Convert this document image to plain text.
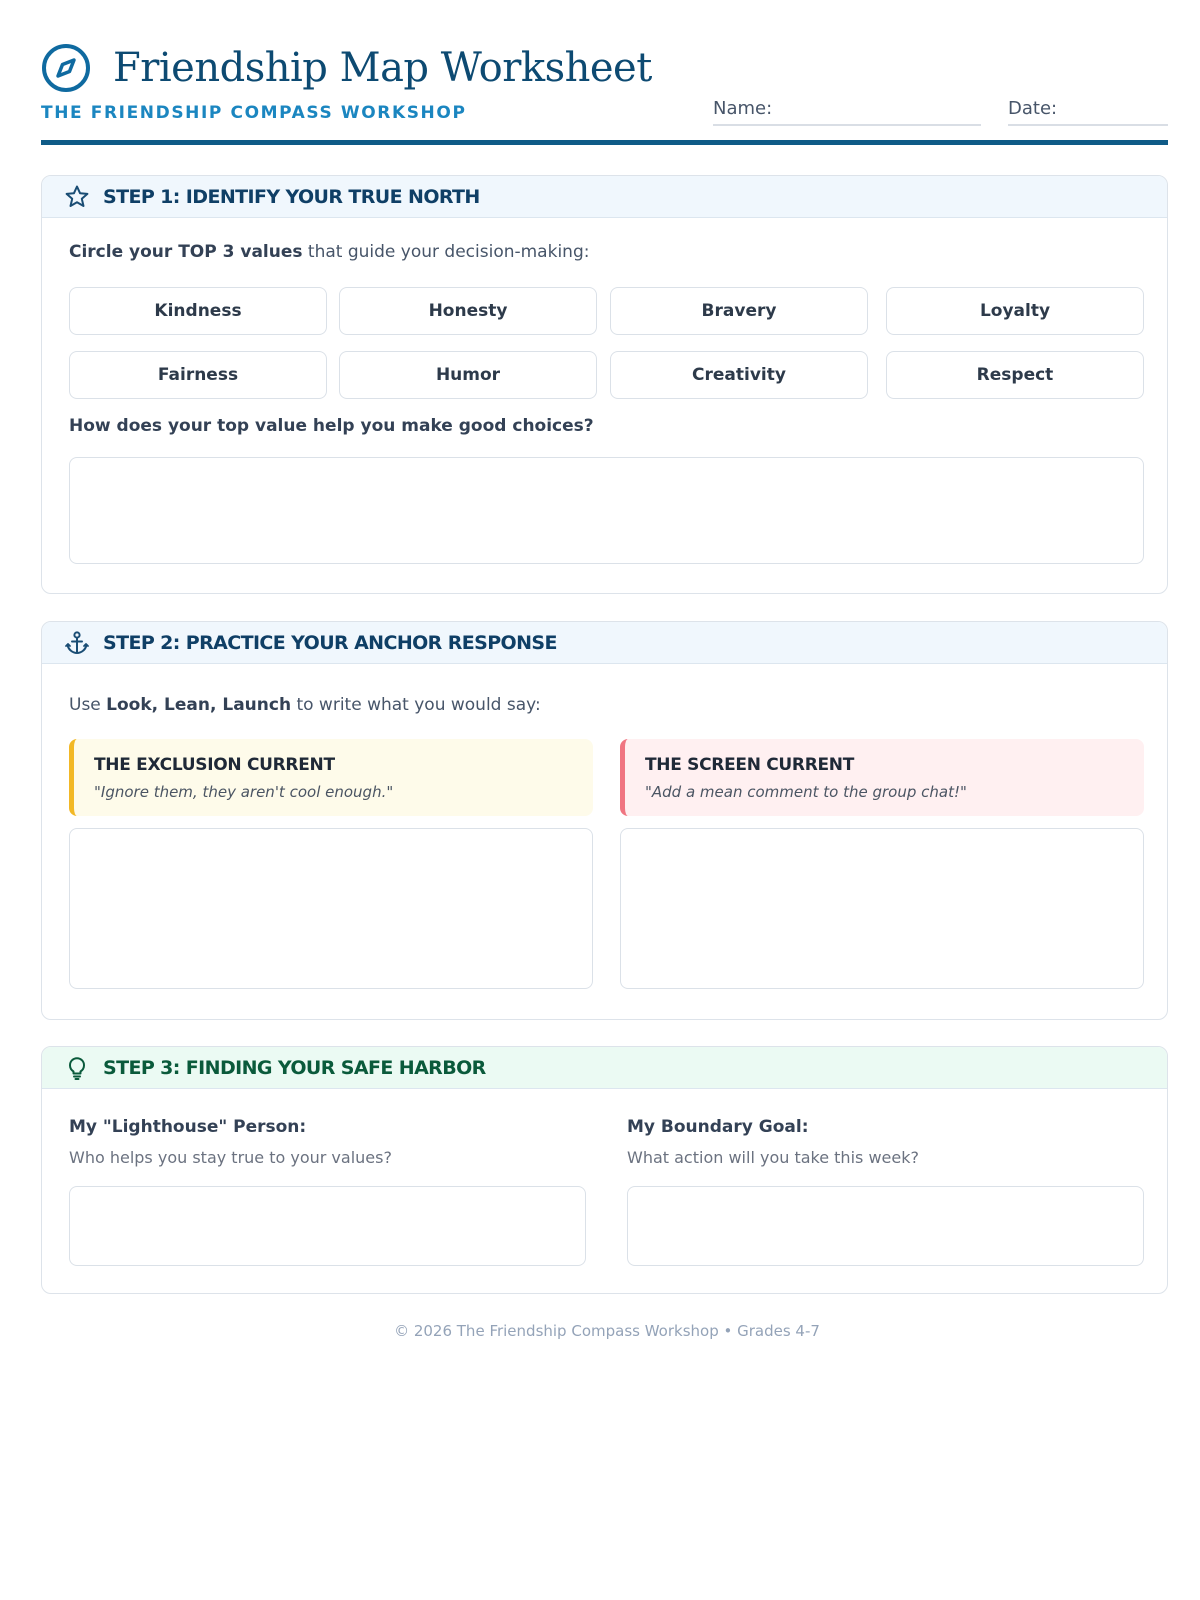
Friendship Map Worksheet
THE FRIENDSHIP COMPASS WORKSHOP	Name:	Date:
STEP 1: IDENTIFY YOUR TRUE NORTH
Circle your TOP 3 values that guide your decision-making:
Kindness	Honesty	Bravery	Loyalty
Fairness	Humor	Creativity	Respect
How does your top value help you make good choices?
STEP 2: PRACTICE YOUR ANCHOR RESPONSE
Use Look, Lean, Launch to write what you would say:
THE EXCLUSION CURRENT
"Ignore them, they aren't cool enough."
THE SCREEN CURRENT
"Add a mean comment to the group chat!"
STEP 3: FINDING YOUR SAFE HARBOR
My "Lighthouse" Person:
Who helps you stay true to your values?
My Boundary Goal:
What action will you take this week?
© 2026 The Friendship Compass Workshop • Grades 4-7
